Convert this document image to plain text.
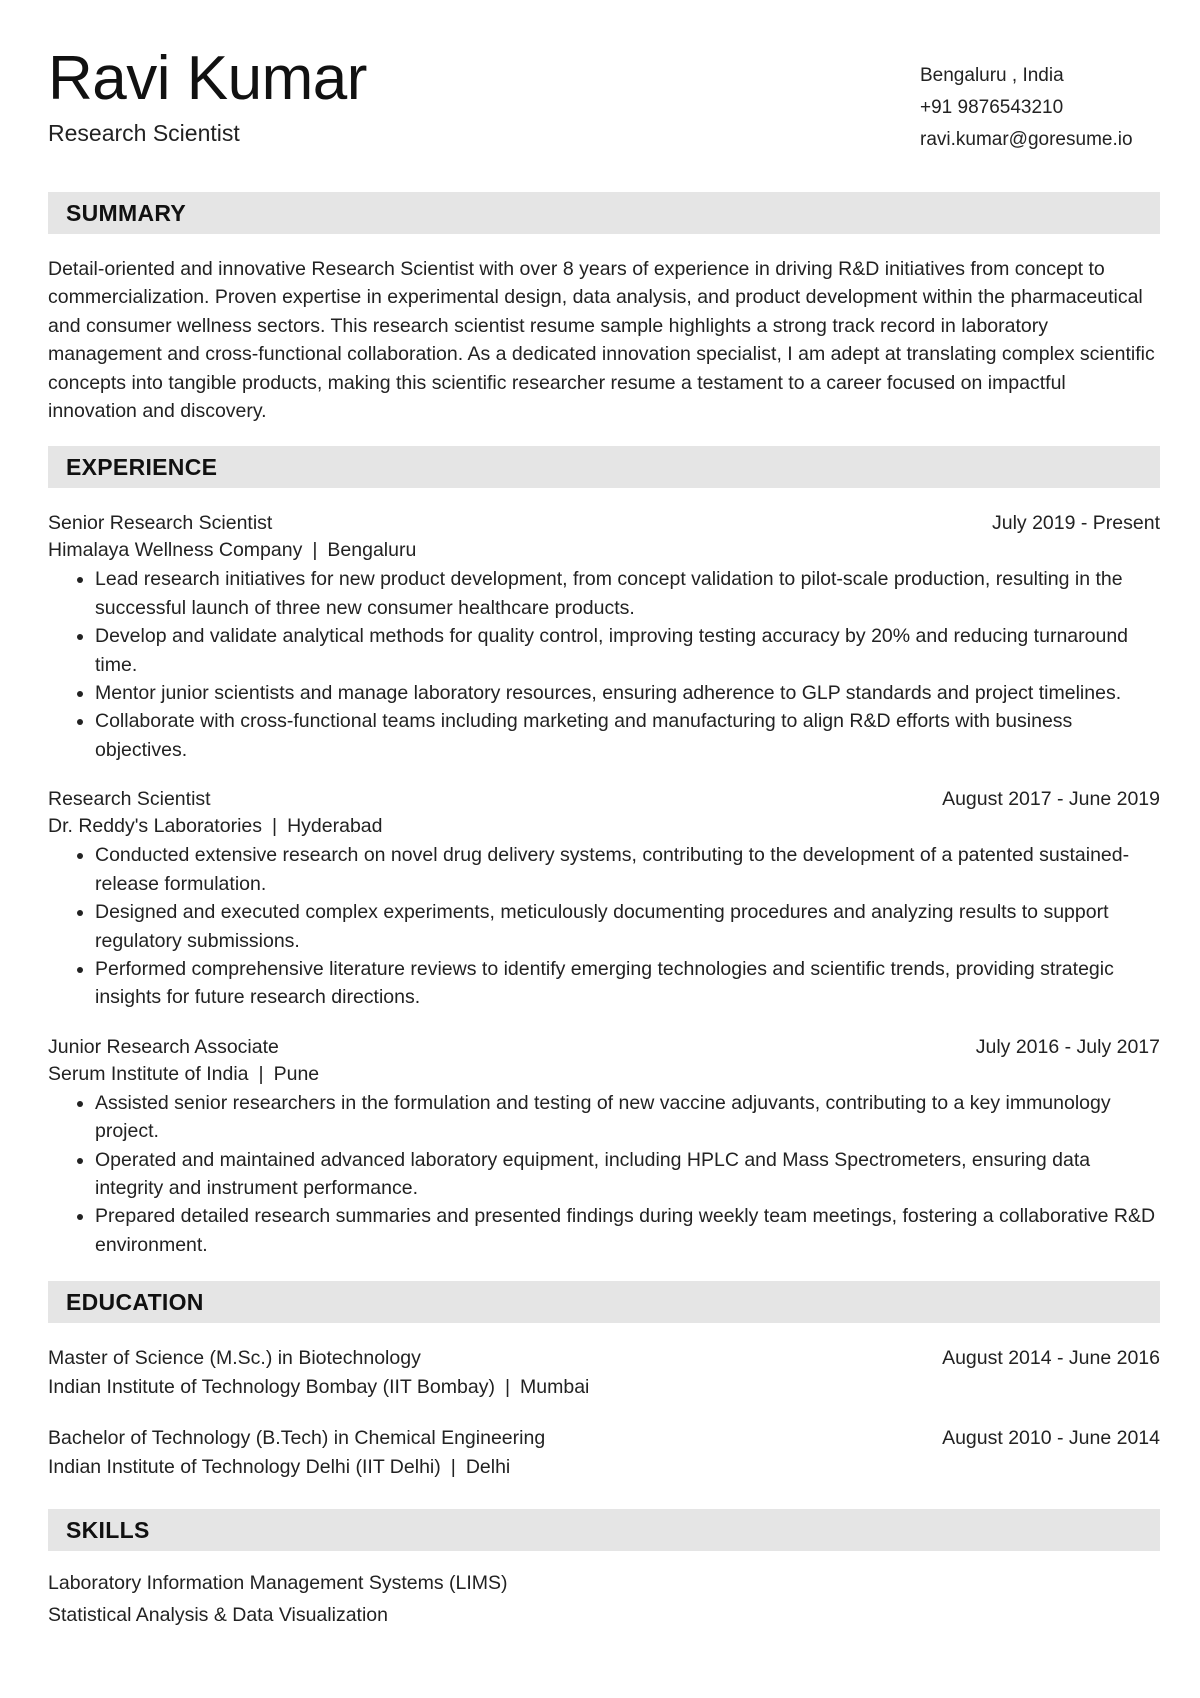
Ravi Kumar
Research Scientist
Bengaluru , India
+91 9876543210
ravi.kumar@goresume.io
SUMMARY
Detail-oriented and innovative Research Scientist with over 8 years of experience in driving R&D initiatives from concept to commercialization. Proven expertise in experimental design, data analysis, and product development within the pharmaceutical and consumer wellness sectors. This research scientist resume sample highlights a strong track record in laboratory management and cross-functional collaboration. As a dedicated innovation specialist, I am adept at translating complex scientific concepts into tangible products, making this scientific researcher resume a testament to a career focused on impactful innovation and discovery.
EXPERIENCE
Senior Research Scientist	July 2019 - Present
Himalaya Wellness Company | Bengaluru
• Lead research initiatives for new product development, from concept validation to pilot-scale production, resulting in the successful launch of three new consumer healthcare products.
• Develop and validate analytical methods for quality control, improving testing accuracy by 20% and reducing turnaround time.
• Mentor junior scientists and manage laboratory resources, ensuring adherence to GLP standards and project timelines.
• Collaborate with cross-functional teams including marketing and manufacturing to align R&D efforts with business objectives.
Research Scientist	August 2017 - June 2019
Dr. Reddy's Laboratories | Hyderabad
• Conducted extensive research on novel drug delivery systems, contributing to the development of a patented sustained-release formulation.
• Designed and executed complex experiments, meticulously documenting procedures and analyzing results to support regulatory submissions.
• Performed comprehensive literature reviews to identify emerging technologies and scientific trends, providing strategic insights for future research directions.
Junior Research Associate	July 2016 - July 2017
Serum Institute of India | Pune
• Assisted senior researchers in the formulation and testing of new vaccine adjuvants, contributing to a key immunology project.
• Operated and maintained advanced laboratory equipment, including HPLC and Mass Spectrometers, ensuring data integrity and instrument performance.
• Prepared detailed research summaries and presented findings during weekly team meetings, fostering a collaborative R&D environment.
EDUCATION
Master of Science (M.Sc.) in Biotechnology	August 2014 - June 2016
Indian Institute of Technology Bombay (IIT Bombay) | Mumbai
Bachelor of Technology (B.Tech) in Chemical Engineering	August 2010 - June 2014
Indian Institute of Technology Delhi (IIT Delhi) | Delhi
SKILLS
Laboratory Information Management Systems (LIMS)
Statistical Analysis & Data Visualization
